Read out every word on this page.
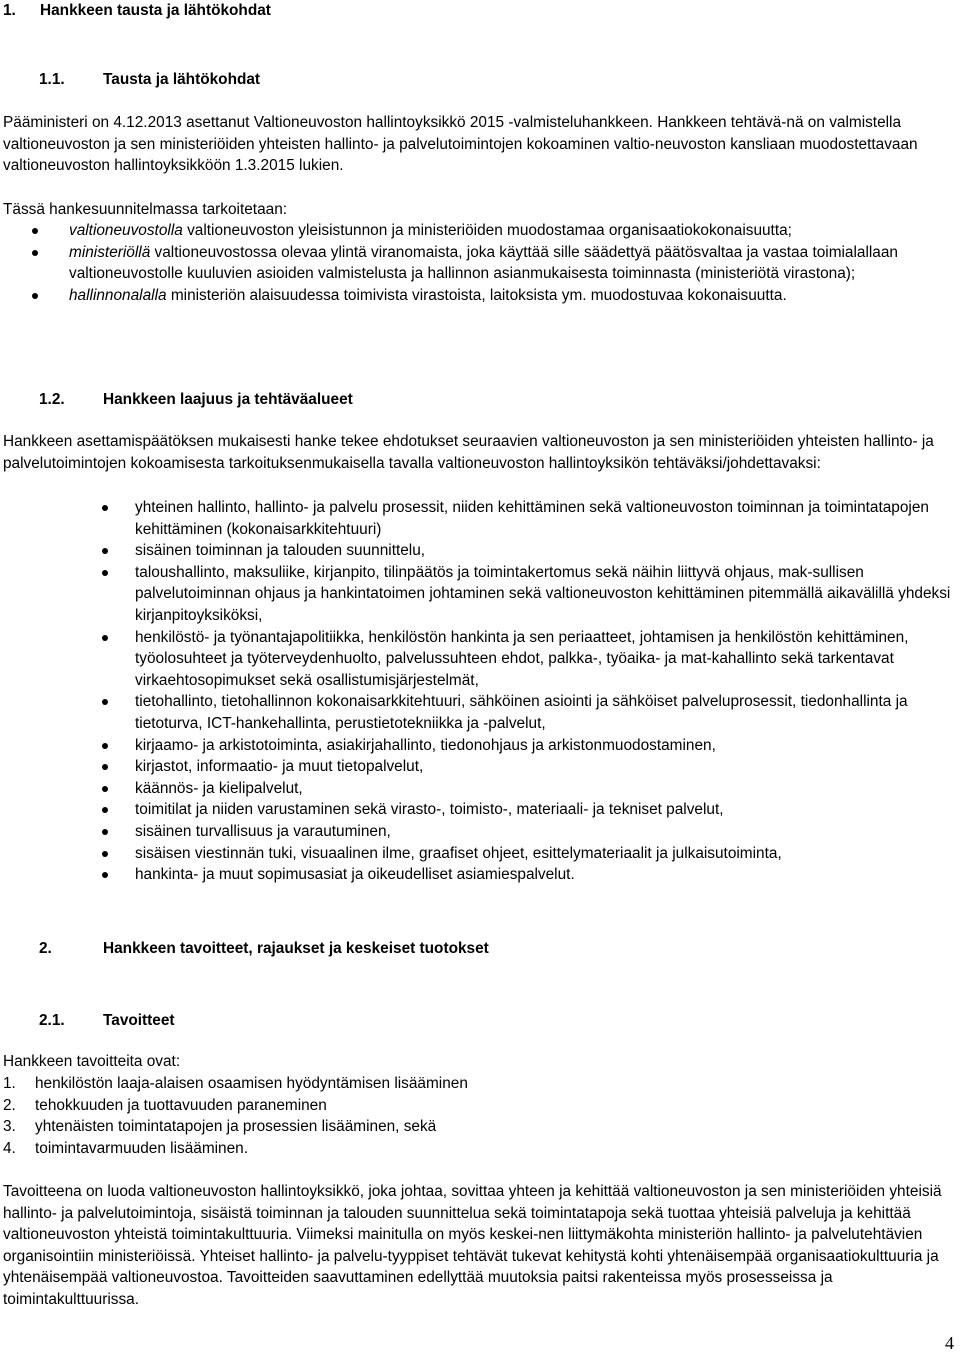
1. Hankkeen tausta ja lähtökohdat
1.1. Tausta ja lähtökohdat

Pääministeri on 4.12.2013 asettanut Valtioneuvoston hallintoyksikkö 2015 -valmisteluhankkeen. Hankkeen tehtävä-nä on valmistella valtioneuvoston ja sen ministeriöiden yhteisten hallinto- ja palvelutoimintojen kokoaminen valtio-neuvoston kansliaan muodostettavaan valtioneuvoston hallintoyksikköön 1.3.2015 lukien.

Tässä hankesuunnitelmassa tarkoitetaan:

valtioneuvostolla valtioneuvoston yleisistunnon ja ministeriöiden muodostamaa organisaatiokokonaisuutta;
ministeriöllä valtioneuvostossa olevaa ylintä viranomaista, joka käyttää sille säädettyä päätösvaltaa ja vastaa toimialallaan valtioneuvostolle kuuluvien asioiden valmistelusta ja hallinnon asianmukaisesta toiminnasta (ministeriötä virastona);
hallinnonalalla ministeriön alaisuudessa toimivista virastoista, laitoksista ym. muodostuvaa kokonaisuutta.
1.2. Hankkeen laajuus ja tehtäväalueet

Hankkeen asettamispäätöksen mukaisesti hanke tekee ehdotukset seuraavien valtioneuvoston ja sen ministeriöiden yhteisten hallinto- ja palvelutoimintojen kokoamisesta tarkoituksenmukaisella tavalla valtioneuvoston hallintoyksikön tehtäväksi/johdettavaksi:

yhteinen hallinto, hallinto- ja palvelu prosessit, niiden kehittäminen sekä valtioneuvoston toiminnan ja toimintatapojen kehittäminen (kokonaisarkkitehtuuri)
sisäinen toiminnan ja talouden suunnittelu,
taloushallinto, maksuliike, kirjanpito, tilinpäätös ja toimintakertomus sekä näihin liittyvä ohjaus, mak-sullisen palvelutoiminnan ohjaus ja hankintatoimen johtaminen sekä valtioneuvoston kehittäminen pitemmällä aikavälillä yhdeksi kirjanpitoyksiköksi,
henkilöstö- ja työnantajapolitiikka, henkilöstön hankinta ja sen periaatteet, johtamisen ja henkilöstön kehittäminen, työolosuhteet ja työterveydenhuolto, palvelussuhteen ehdot, palkka-, työaika- ja mat-kahallinto sekä tarkentavat virkaehtosopimukset sekä osallistumisjärjestelmät,
tietohallinto, tietohallinnon kokonaisarkkitehtuuri, sähköinen asiointi ja sähköiset palveluprosessit, tiedonhallinta ja tietoturva, ICT-hankehallinta, perustietotekniikka ja -palvelut,
kirjaamo- ja arkistotoiminta, asiakirjahallinto, tiedonohjaus ja arkistonmuodostaminen,
kirjastot, informaatio- ja muut tietopalvelut,
käännös- ja kielipalvelut,
toimitilat ja niiden varustaminen sekä virasto-, toimisto-, materiaali- ja tekniset palvelut,
sisäinen turvallisuus ja varautuminen,
sisäisen viestinnän tuki, visuaalinen ilme, graafiset ohjeet, esittelymateriaalit ja julkaisutoiminta,
hankinta- ja muut sopimusasiat ja oikeudelliset asiamiespalvelut.
2.	Hankkeen tavoitteet, rajaukset ja keskeiset tuotokset
2.1. Tavoitteet

Hankkeen tavoitteita ovat:

1. henkilöstön laaja-alaisen osaamisen hyödyntämisen lisääminen
2. tehokkuuden ja tuottavuuden paraneminen
3. yhtenäisten toimintatapojen ja prosessien lisääminen, sekä
4. toimintavarmuuden lisääminen.

Tavoitteena on luoda valtioneuvoston hallintoyksikkö, joka johtaa, sovittaa yhteen ja kehittää valtioneuvoston ja sen ministeriöiden yhteisiä hallinto- ja palvelutoimintoja, sisäistä toiminnan ja talouden suunnittelua sekä toimintatapoja sekä tuottaa yhteisiä palveluja ja kehittää valtioneuvoston yhteistä toimintakulttuuria. Viimeksi mainitulla on myös keskei-nen liittymäkohta ministeriön hallinto- ja palvelutehtävien organisointiin ministeriöissä. Yhteiset hallinto- ja palvelu-tyyppiset tehtävät tukevat kehitystä kohti yhtenäisempää organisaatiokulttuuria ja yhtenäisempää valtioneuvostoa. Tavoitteiden saavuttaminen edellyttää muutoksia paitsi rakenteissa myös prosesseissa ja toimintakulttuurissa.

4
